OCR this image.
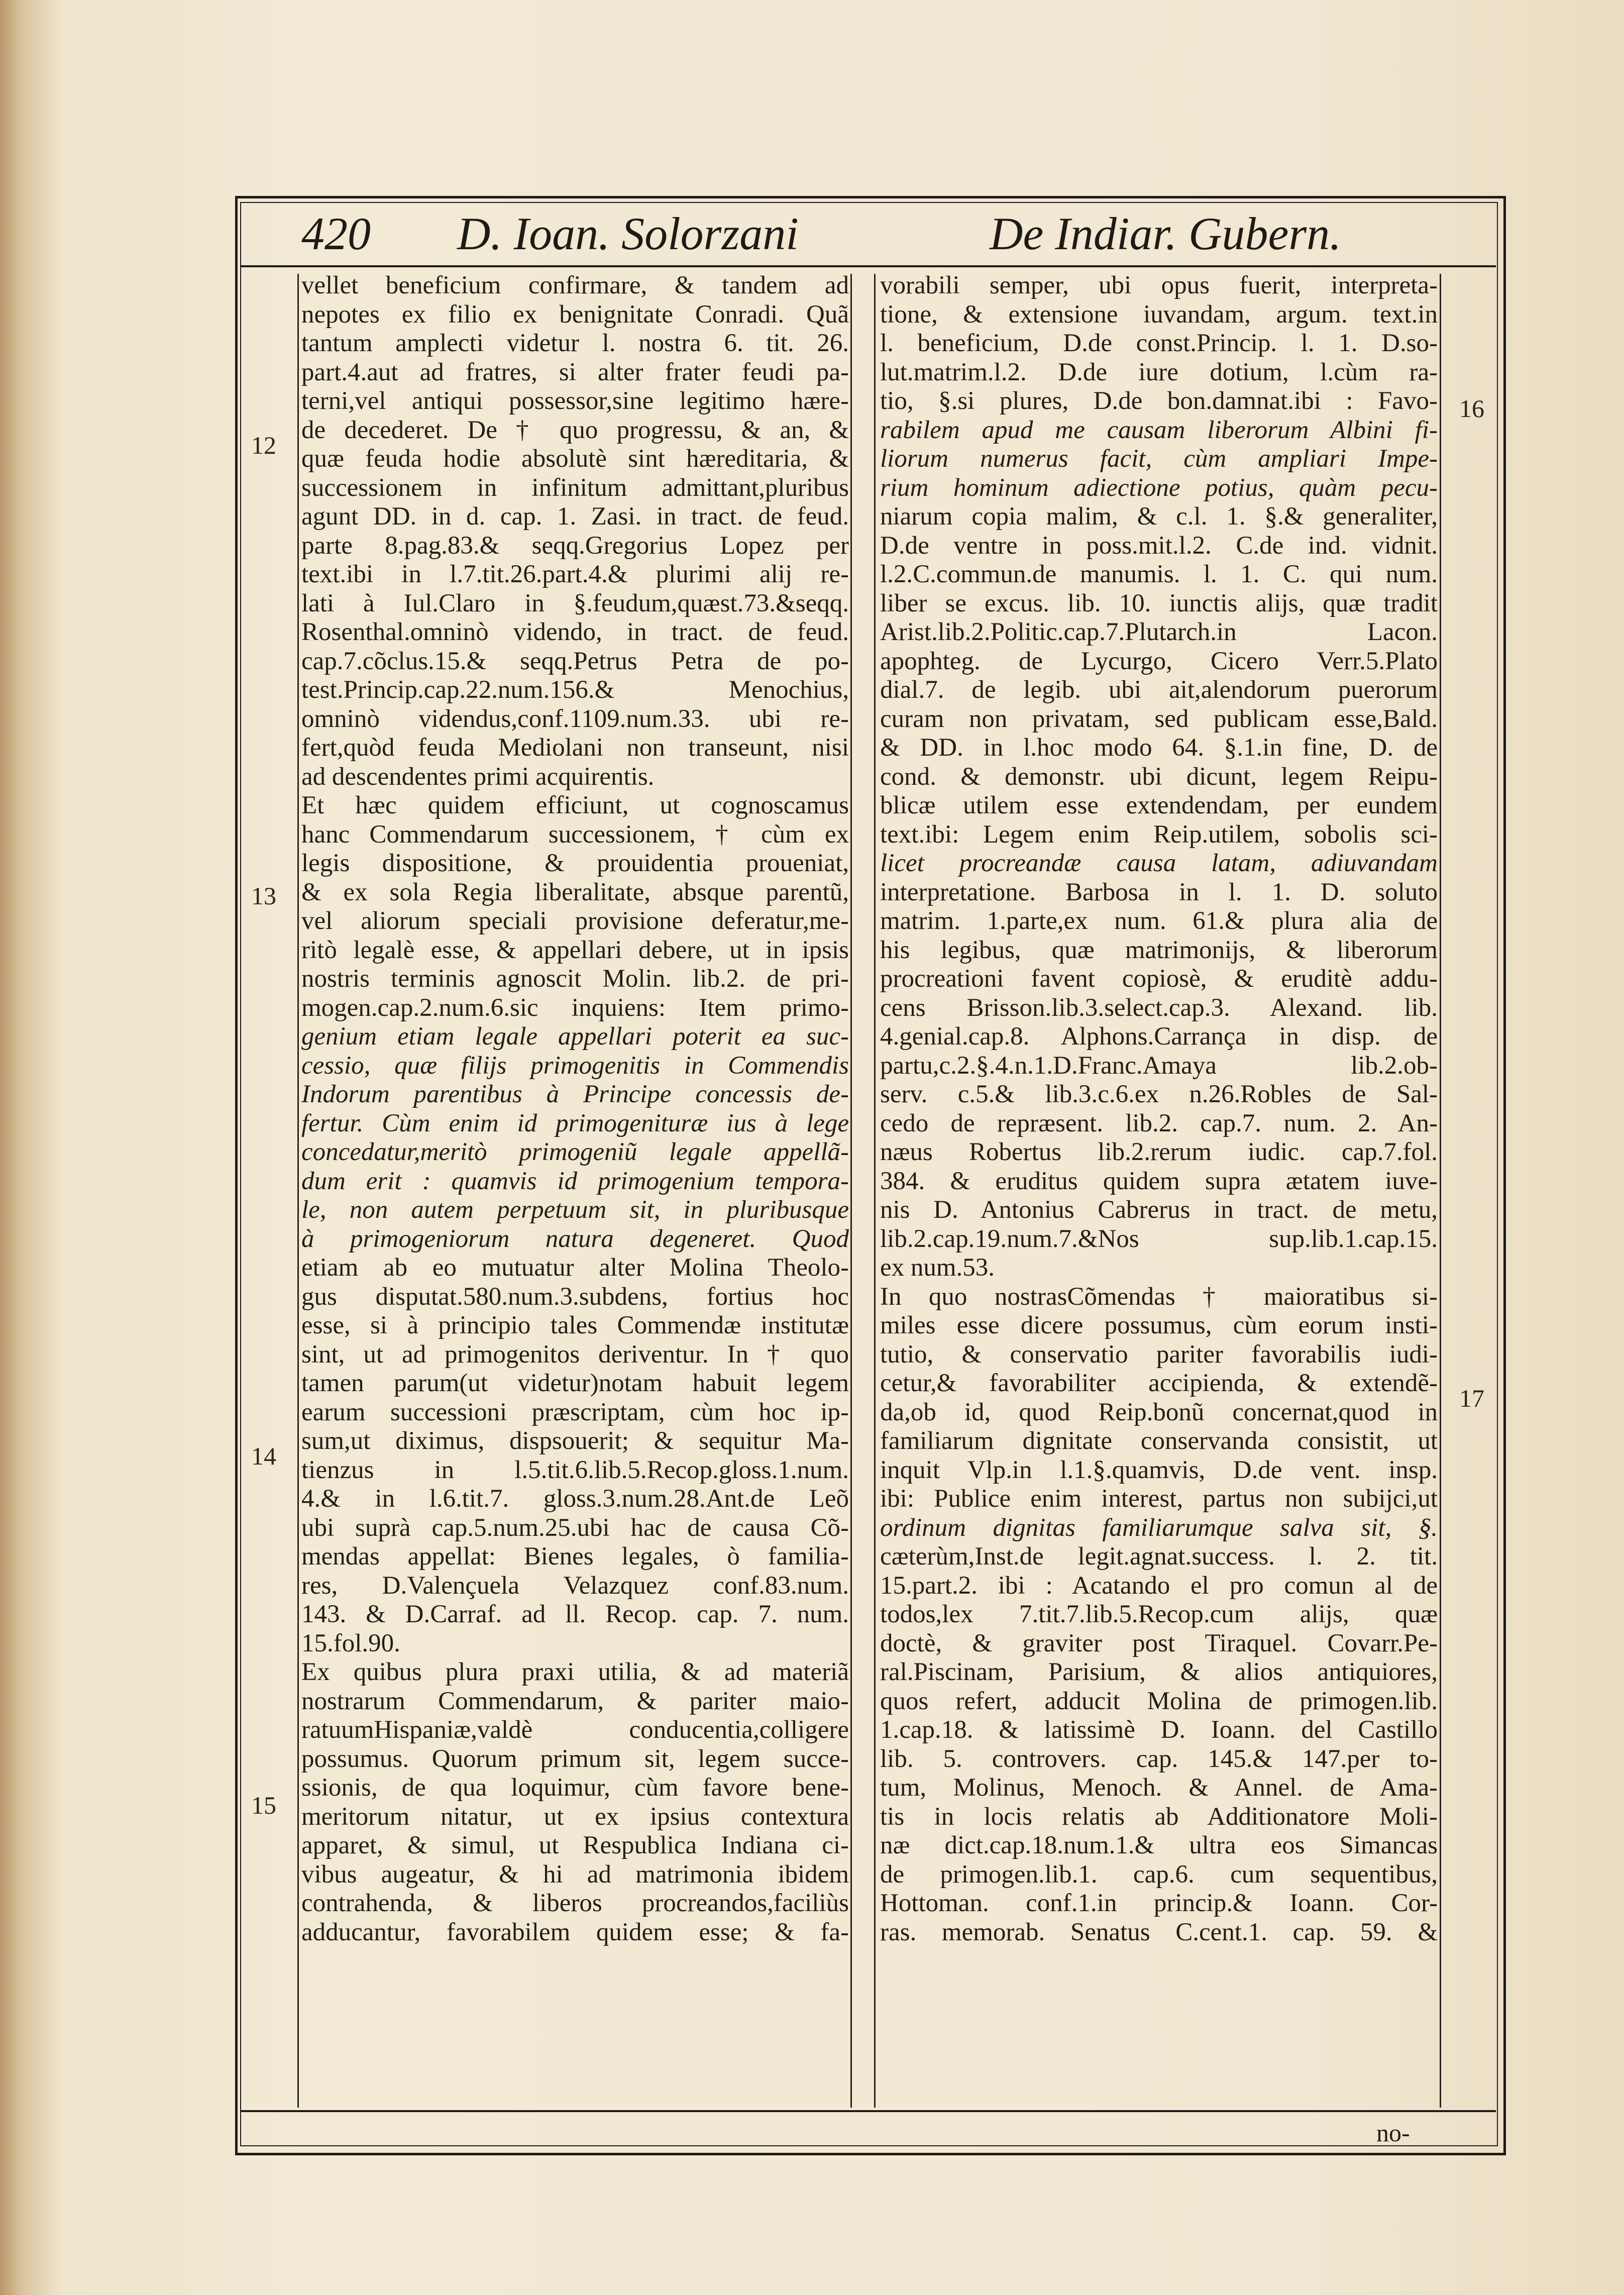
420 D. Ioan. Solorzani	De Indiar. Gubern.
12
13
14
15
16
17
vellet beneficium confirmare, & tandem ad
nepotes ex filio ex benignitate Conradi. Quã
tantum amplecti videtur l. nostra 6. tit. 26.
part.4.aut ad fratres, si alter frater feudi pa-
terni,vel antiqui possessor,sine legitimo hære-
de decederet. De † quo progressu, & an, &
quæ feuda hodie absolutè sint hæreditaria, &
successionem in infinitum admittant,pluribus
agunt DD. in d. cap. 1. Zasi. in tract. de feud.
parte 8.pag.83.& seqq.Gregorius Lopez per
text.ibi in l.7.tit.26.part.4.& plurimi alij re-
lati à Iul.Claro in §.feudum,quæst.73.&seqq.
Rosenthal.omninò videndo, in tract. de feud.
cap.7.cõclus.15.& seqq.Petrus Petra de po-
test.Princip.cap.22.num.156.& Menochius,
omninò videndus,conf.1109.num.33. ubi re-
fert,quòd feuda Mediolani non transeunt, nisi
ad descendentes primi acquirentis.
Et hæc quidem efficiunt, ut cognoscamus
hanc Commendarum successionem, † cùm ex
legis dispositione, & prouidentia proueniat,
& ex sola Regia liberalitate, absque parentũ,
vel aliorum speciali provisione deferatur,me-
ritò legalè esse, & appellari debere, ut in ipsis
nostris terminis agnoscit Molin. lib.2. de pri-
mogen.cap.2.num.6.sic inquiens: Item primo-
genium etiam legale appellari poterit ea suc-
cessio, quæ filijs primogenitis in Commendis
Indorum parentibus à Principe concessis de-
fertur. Cùm enim id primogenituræ ius à lege
concedatur,meritò primogeniũ legale appellã-
dum erit : quamvis id primogenium tempora-
le, non autem perpetuum sit, in pluribusque
à primogeniorum natura degeneret. Quod
etiam ab eo mutuatur alter Molina Theolo-
gus disputat.580.num.3.subdens, fortius hoc
esse, si à principio tales Commendæ institutæ
sint, ut ad primogenitos deriventur. In † quo
tamen parum(ut videtur)notam habuit legem
earum successioni præscriptam, cùm hoc ip-
sum,ut diximus, dispsouerit; & sequitur Ma-
tienzus in l.5.tit.6.lib.5.Recop.gloss.1.num.
4.& in l.6.tit.7. gloss.3.num.28.Ant.de Leõ
ubi suprà cap.5.num.25.ubi hac de causa Cõ-
mendas appellat: Bienes legales, ò familia-
res, D.Valençuela Velazquez conf.83.num.
143. & D.Carraf. ad ll. Recop. cap. 7. num.
15.fol.90.
Ex quibus plura praxi utilia, & ad materiã
nostrarum Commendarum, & pariter maio-
ratuumHispaniæ,valdè conducentia,colligere
possumus. Quorum primum sit, legem succe-
ssionis, de qua loquimur, cùm favore bene-
meritorum nitatur, ut ex ipsius contextura
apparet, & simul, ut Respublica Indiana ci-
vibus augeatur, & hi ad matrimonia ibidem
contrahenda, & liberos procreandos,faciliùs
adducantur, favorabilem quidem esse; & fa-
vorabili semper, ubi opus fuerit, interpreta-
tione, & extensione iuvandam, argum. text.in
l. beneficium, D.de const.Princip. l. 1. D.so-
lut.matrim.l.2. D.de iure dotium, l.cùm ra-
tio, §.si plures, D.de bon.damnat.ibi : Favo-
rabilem apud me causam liberorum Albini fi-
liorum numerus facit, cùm ampliari Impe-
rium hominum adiectione potius, quàm pecu-
niarum copia malim, & c.l. 1. §.& generaliter,
D.de ventre in poss.mit.l.2. C.de ind. vidnit.
l.2.C.commun.de manumis. l. 1. C. qui num.
liber se excus. lib. 10. iunctis alijs, quæ tradit
Arist.lib.2.Politic.cap.7.Plutarch.in Lacon.
apophteg. de Lycurgo, Cicero Verr.5.Plato
dial.7. de legib. ubi ait,alendorum puerorum
curam non privatam, sed publicam esse,Bald.
& DD. in l.hoc modo 64. §.1.in fine, D. de
cond. & demonstr. ubi dicunt, legem Reipu-
blicæ utilem esse extendendam, per eundem
text.ibi: Legem enim Reip.utilem, sobolis sci-
licet procreandæ causa latam, adiuvandam
interpretatione. Barbosa in l. 1. D. soluto
matrim. 1.parte,ex num. 61.& plura alia de
his legibus, quæ matrimonijs, & liberorum
procreationi favent copiosè, & eruditè addu-
cens Brisson.lib.3.select.cap.3. Alexand. lib.
4.genial.cap.8. Alphons.Carrança in disp. de
partu,c.2.§.4.n.1.D.Franc.Amaya lib.2.ob-
serv. c.5.& lib.3.c.6.ex n.26.Robles de Sal-
cedo de repræsent. lib.2. cap.7. num. 2. An-
næus Robertus lib.2.rerum iudic. cap.7.fol.
384. & eruditus quidem supra ætatem iuve-
nis D. Antonius Cabrerus in tract. de metu,
lib.2.cap.19.num.7.&Nos sup.lib.1.cap.15.
ex num.53.
In quo nostrasCõmendas † maioratibus si-
miles esse dicere possumus, cùm eorum insti-
tutio, & conservatio pariter favorabilis iudi-
cetur,& favorabiliter accipienda, & extendẽ-
da,ob id, quod Reip.bonũ concernat,quod in
familiarum dignitate conservanda consistit, ut
inquit Vlp.in l.1.§.quamvis, D.de vent. insp.
ibi: Publice enim interest, partus non subijci,ut
ordinum dignitas familiarumque salva sit, §.
cæterùm,Inst.de legit.agnat.success. l. 2. tit.
15.part.2. ibi : Acatando el pro comun al de
todos,lex 7.tit.7.lib.5.Recop.cum alijs, quæ
doctè, & graviter post Tiraquel. Covarr.Pe-
ral.Piscinam, Parisium, & alios antiquiores,
quos refert, adducit Molina de primogen.lib.
1.cap.18. & latissimè D. Ioann. del Castillo
lib. 5. controvers. cap. 145.& 147.per to-
tum, Molinus, Menoch. & Annel. de Ama-
tis in locis relatis ab Additionatore Moli-
næ dict.cap.18.num.1.& ultra eos Simancas
de primogen.lib.1. cap.6. cum sequentibus,
Hottoman. conf.1.in princip.& Ioann. Cor-
ras. memorab. Senatus C.cent.1. cap. 59. &
no-
